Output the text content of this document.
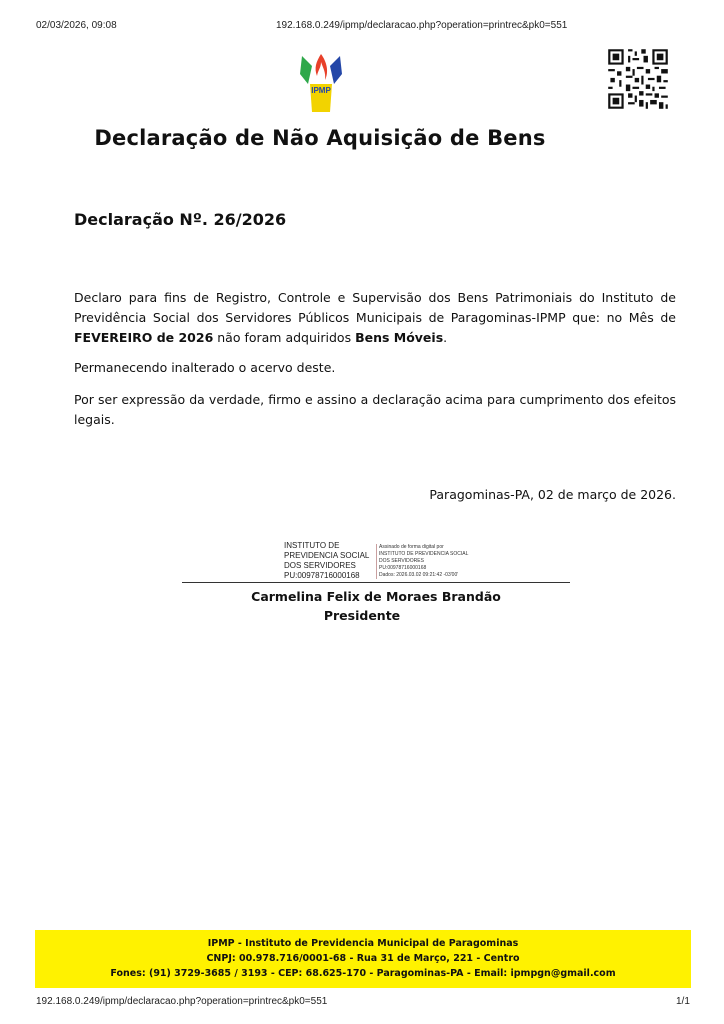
02/03/2026, 09:08	192.168.0.249/ipmp/declaracao.php?operation=printrec&pk0=551
IPMP
Declaração de Não Aquisição de Bens
Declaração Nº. 26/2026
Declaro para fins de Registro, Controle e Supervisão dos Bens Patrimoniais do Instituto de Previdência Social dos Servidores Públicos Municipais de Paragominas-IPMP que: no Mês de FEVEREIRO de 2026 não foram adquiridos Bens Móveis.
Permanecendo inalterado o acervo deste.
Por ser expressão da verdade, firmo e assino a declaração acima para cumprimento dos efeitos legais.
Paragominas-PA, 02 de março de 2026.
INSTITUTO DE
PREVIDENCIA SOCIAL
DOS SERVIDORES
PU:00978716000168
Assinado de forma digital por
INSTITUTO DE PREVIDENCIA SOCIAL
DOS SERVIDORES
PU:00978716000168
Dados: 2026.03.02 09:21:42 -03'00'
Carmelina Felix de Moraes Brandão
Presidente
IPMP - Instituto de Previdencia Municipal de Paragominas
CNPJ: 00.978.716/0001-68 - Rua 31 de Março, 221 - Centro
Fones: (91) 3729-3685 / 3193 - CEP: 68.625-170 - Paragominas-PA - Email: ipmpgn@gmail.com
192.168.0.249/ipmp/declaracao.php?operation=printrec&pk0=551	1/1
